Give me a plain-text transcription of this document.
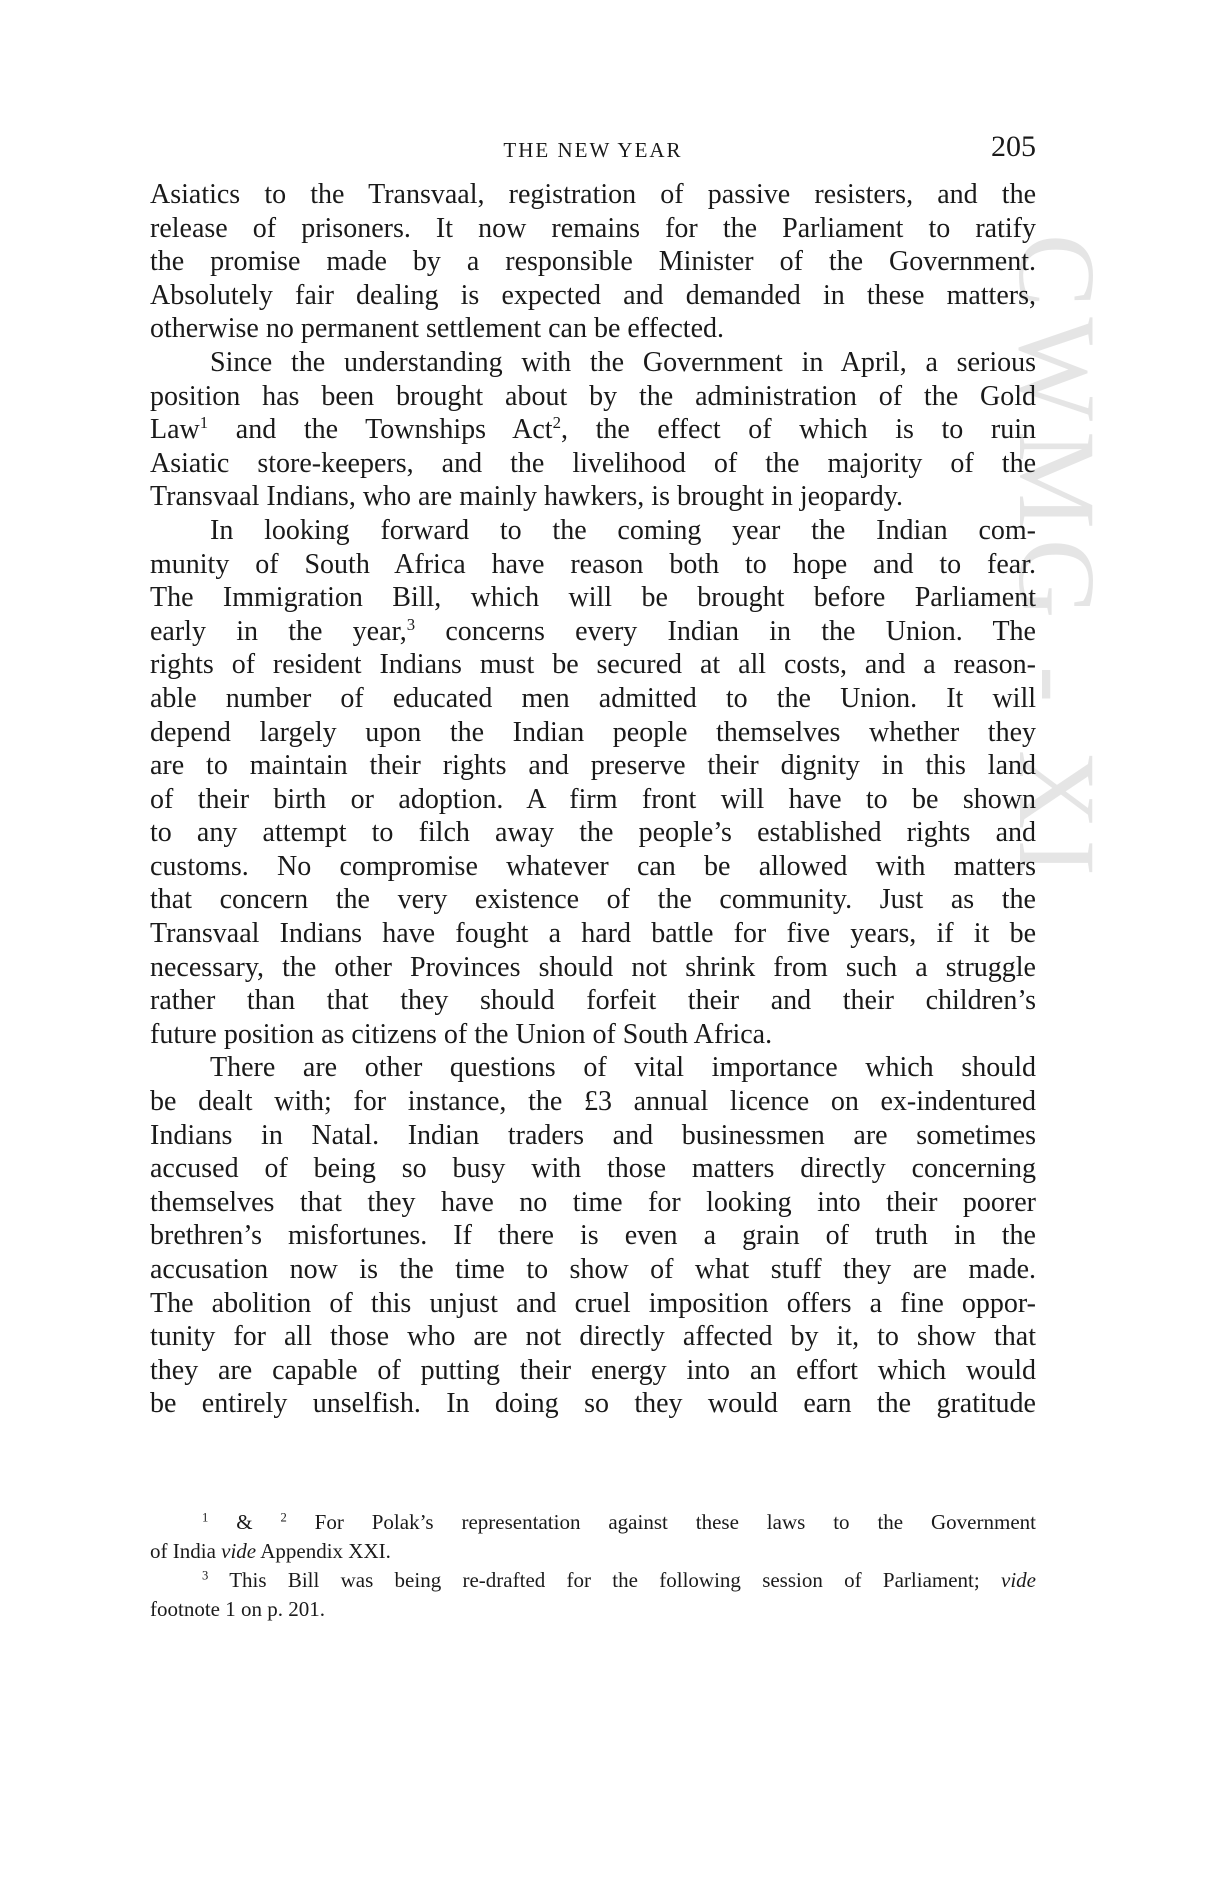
CWMG - XI
THE NEW YEAR	205

Asiatics to the Transvaal, registration of passive resisters, and the

release of prisoners. It now remains for the Parliament to ratify

the promise made by a responsible Minister of the Government.

Absolutely fair dealing is expected and demanded in these matters,

otherwise no permanent settlement can be effected.

Since the understanding with the Government in April, a serious

position has been brought about by the administration of the Gold

Law$^1$ and the Townships Act$^2$, the effect of which is to ruin

Asiatic store-keepers, and the livelihood of the majority of the

Transvaal Indians, who are mainly hawkers, is brought in jeopardy.

In looking forward to the coming year the Indian com-

munity of South Africa have reason both to hope and to fear.

The Immigration Bill, which will be brought before Parliament

early in the year,$^3$ concerns every Indian in the Union. The

rights of resident Indians must be secured at all costs, and a reason-

able number of educated men admitted to the Union. It will

depend largely upon the Indian people themselves whether they

are to maintain their rights and preserve their dignity in this land

of their birth or adoption. A firm front will have to be shown

to any attempt to filch away the people’s established rights and

customs. No compromise whatever can be allowed with matters

that concern the very existence of the community. Just as the

Transvaal Indians have fought a hard battle for five years, if it be

necessary, the other Provinces should not shrink from such a struggle

rather than that they should forfeit their and their children’s

future position as citizens of the Union of South Africa.

There are other questions of vital importance which should

be dealt with; for instance, the £3 annual licence on ex-indentured

Indians in Natal. Indian traders and businessmen are sometimes

accused of being so busy with those matters directly concerning

themselves that they have no time for looking into their poorer

brethren’s misfortunes. If there is even a grain of truth in the

accusation now is the time to show of what stuff they are made.

The abolition of this unjust and cruel imposition offers a fine oppor-

tunity for all those who are not directly affected by it, to show that

they are capable of putting their energy into an effort which would

be entirely unselfish. In doing so they would earn the gratitude

$^1$ & $^2$ For Polak’s representation against these laws to the Government

of India vide Appendix XXI.

$^3$ This Bill was being re-drafted for the following session of Parliament; vide

footnote 1 on p. 201.
